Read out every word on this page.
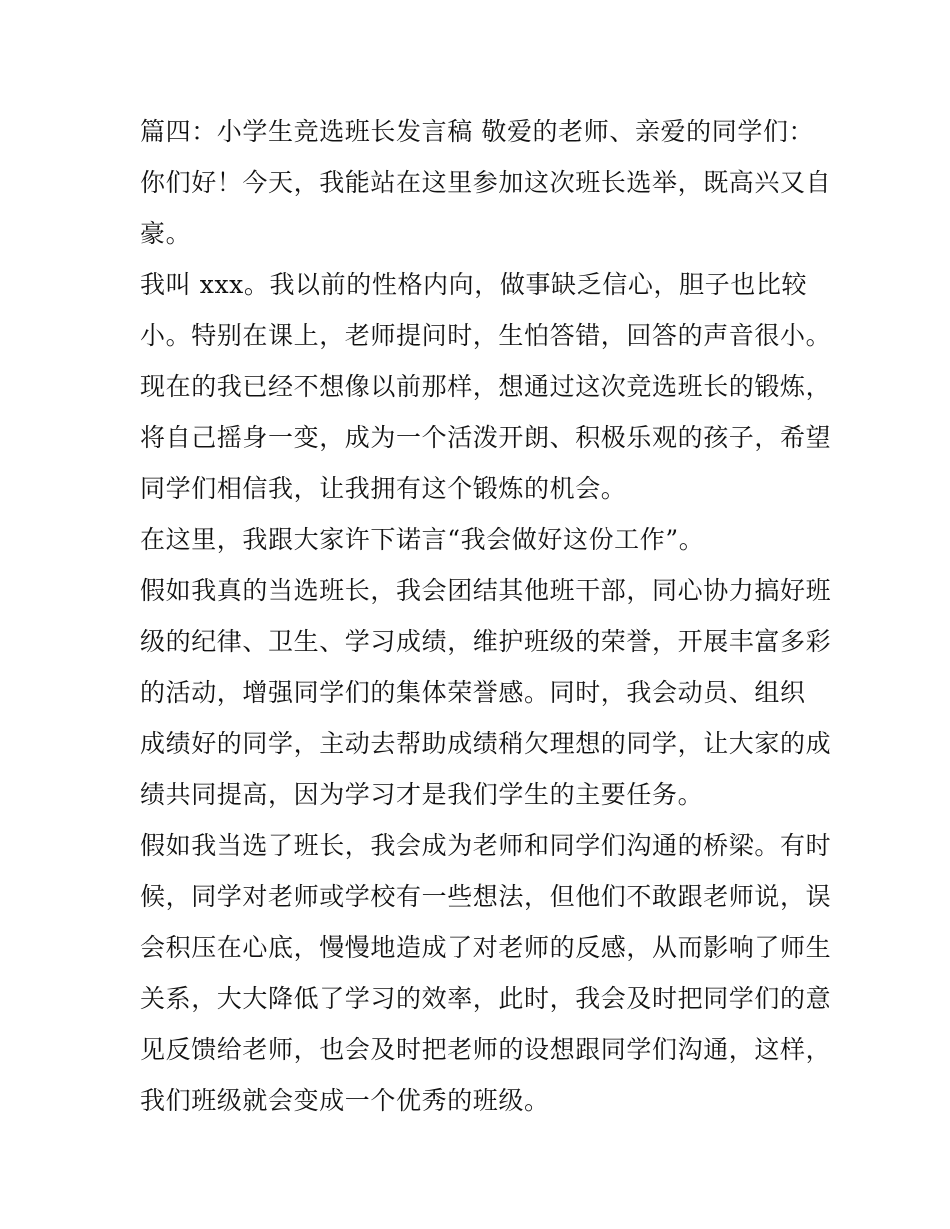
篇四：小学生竞选班长发言稿 敬爱的老师、亲爱的同学们：
你们好！今天，我能站在这里参加这次班长选举，既高兴又自
豪。
我叫 xxx。我以前的性格内向，做事缺乏信心，胆子也比较
小。特别在课上，老师提问时，生怕答错，回答的声音很小。
现在的我已经不想像以前那样，想通过这次竞选班长的锻炼，
将自己摇身一变，成为一个活泼开朗、积极乐观的孩子，希望
同学们相信我，让我拥有这个锻炼的机会。
在这里，我跟大家许下诺言“我会做好这份工作”。
假如我真的当选班长，我会团结其他班干部，同心协力搞好班
级的纪律、卫生、学习成绩，维护班级的荣誉，开展丰富多彩
的活动，增强同学们的集体荣誉感。同时，我会动员、组织
成绩好的同学，主动去帮助成绩稍欠理想的同学，让大家的成
绩共同提高，因为学习才是我们学生的主要任务。
假如我当选了班长，我会成为老师和同学们沟通的桥梁。有时
候，同学对老师或学校有一些想法，但他们不敢跟老师说，误
会积压在心底，慢慢地造成了对老师的反感，从而影响了师生
关系，大大降低了学习的效率，此时，我会及时把同学们的意
见反馈给老师，也会及时把老师的设想跟同学们沟通，这样，
我们班级就会变成一个优秀的班级。
